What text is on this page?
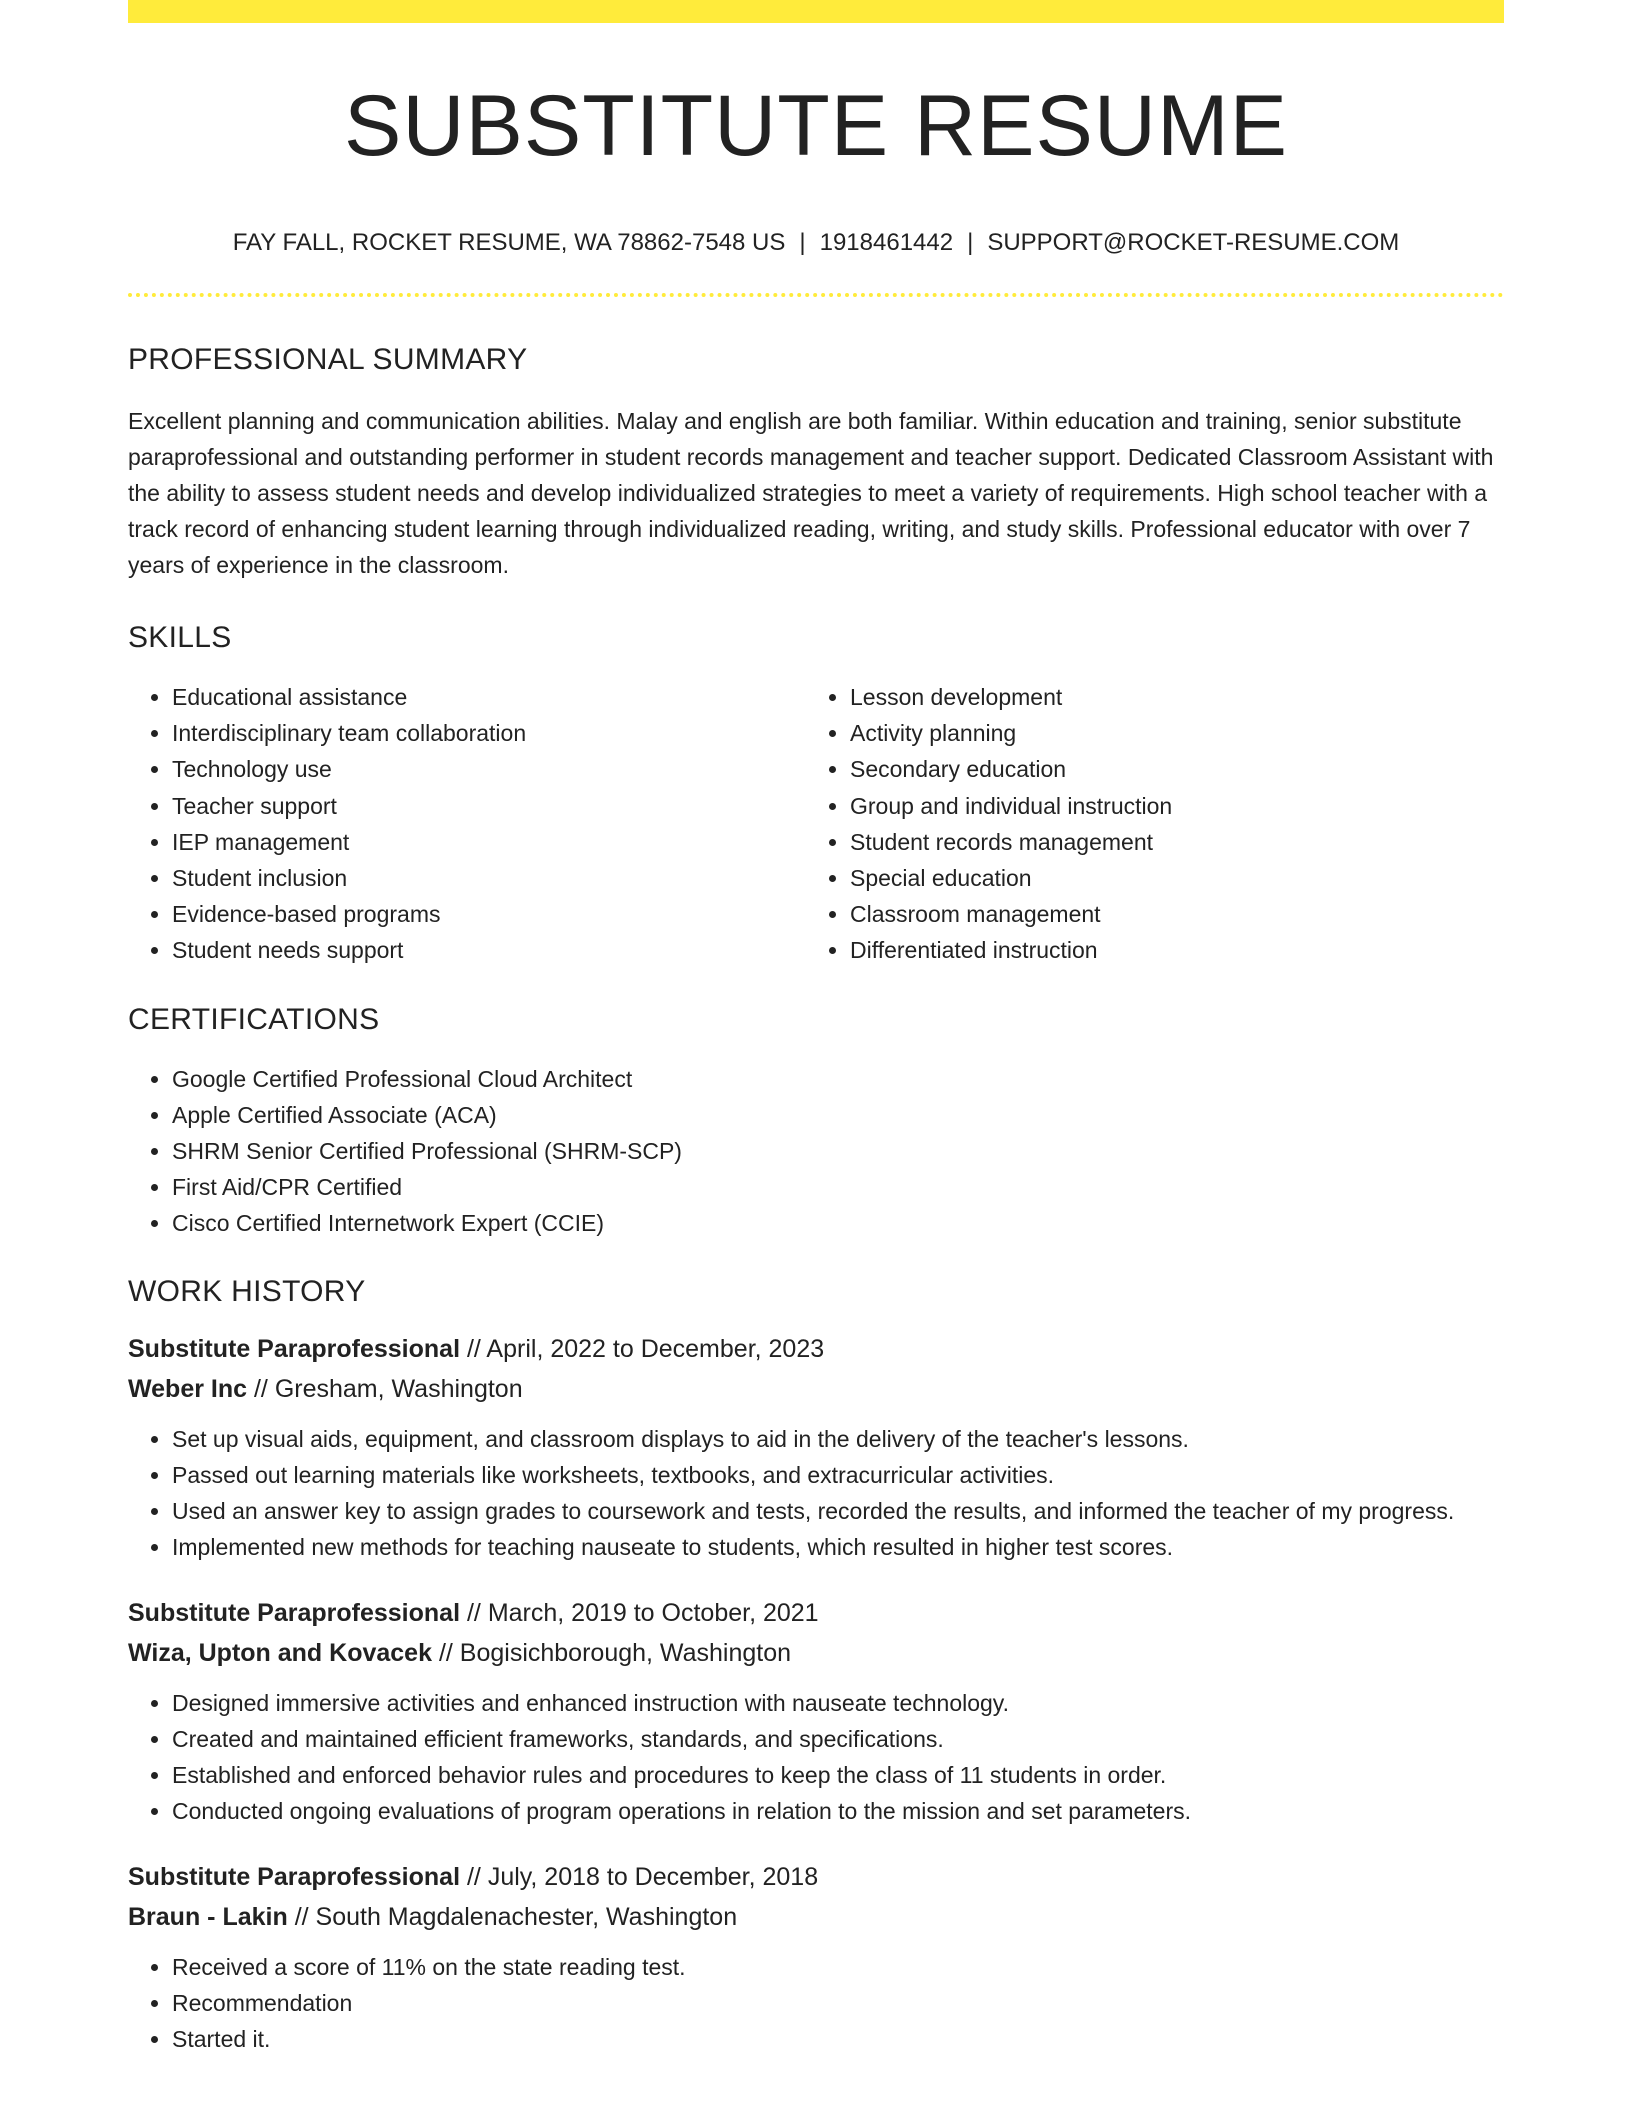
SUBSTITUTE RESUME
FAY FALL, ROCKET RESUME, WA 78862-7548 US | 1918461442 | SUPPORT@ROCKET-RESUME.COM
PROFESSIONAL SUMMARY

Excellent planning and communication abilities. Malay and english are both familiar. Within education and training, senior substitute paraprofessional and outstanding performer in student records management and teacher support. Dedicated Classroom Assistant with the ability to assess student needs and develop individualized strategies to meet a variety of requirements. High school teacher with a track record of enhancing student learning through individualized reading, writing, and study skills. Professional educator with over 7 years of experience in the classroom.

SKILLS
• Educational assistance
• Interdisciplinary team collaboration
• Technology use
• Teacher support
• IEP management
• Student inclusion
• Evidence-based programs
• Student needs support
• Lesson development
• Activity planning
• Secondary education
• Group and individual instruction
• Student records management
• Special education
• Classroom management
• Differentiated instruction
CERTIFICATIONS
• Google Certified Professional Cloud Architect
• Apple Certified Associate (ACA)
• SHRM Senior Certified Professional (SHRM-SCP)
• First Aid/CPR Certified
• Cisco Certified Internetwork Expert (CCIE)
WORK HISTORY
Substitute Paraprofessional // April, 2022 to December, 2023
Weber Inc // Gresham, Washington
• Set up visual aids, equipment, and classroom displays to aid in the delivery of the teacher's lessons.
• Passed out learning materials like worksheets, textbooks, and extracurricular activities.
• Used an answer key to assign grades to coursework and tests, recorded the results, and informed the teacher of my progress.
• Implemented new methods for teaching nauseate to students, which resulted in higher test scores.
Substitute Paraprofessional // March, 2019 to October, 2021
Wiza, Upton and Kovacek // Bogisichborough, Washington
• Designed immersive activities and enhanced instruction with nauseate technology.
• Created and maintained efficient frameworks, standards, and specifications.
• Established and enforced behavior rules and procedures to keep the class of 11 students in order.
• Conducted ongoing evaluations of program operations in relation to the mission and set parameters.
Substitute Paraprofessional // July, 2018 to December, 2018
Braun - Lakin // South Magdalenachester, Washington
• Received a score of 11% on the state reading test.
• Recommendation
• Started it.
